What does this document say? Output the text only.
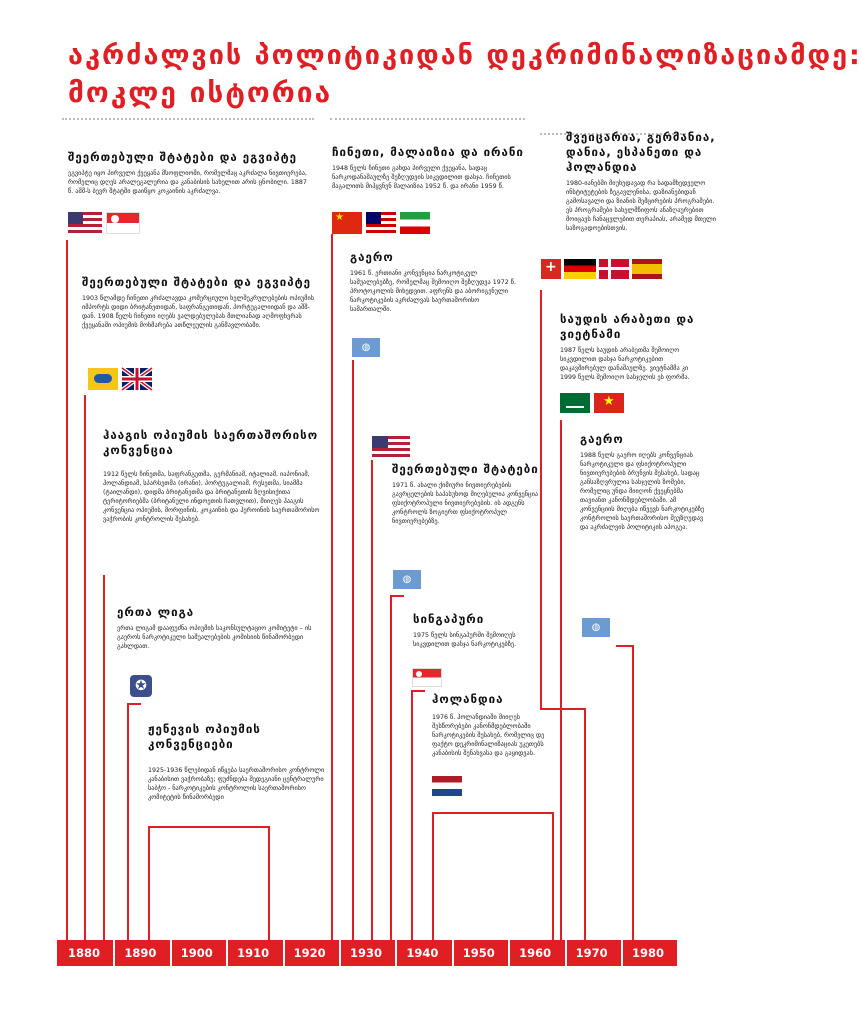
აკრძალვის პოლიტიკიდან დეკრიმინალიზაციამდე:
მოკლე ისტორია
შეერთებული შტატები და ეგვიპტე

ეგვიპტე იყო პირველი ქვეყანა მსოფლიოში, რომელმაც აკრძალა ნივთიერება, რომელიც დღეს არალეგალურია და კანაბისის სახელით არის ცნობილი. 1887 წ. აშშ-ს ბევრ შტატში დაიწყო კოკაინის აკრძალვა.

შეერთებული შტატები და ეგვიპტე

1903 წლამდე ჩინეთი კრძალავდა კომერციული ხელშეკრულებების ოპიუმის იმპორტს დიდი ბრიტანეთიდან, საფრანგეთიდან, პორტუგალიიდან და აშშ-დან. 1908 წელს ჩინეთი იღებს ვალდებულებას მთლიანად აღმოფხვრას ქვეყანაში ოპიუმის მოხმარება ათწლეულის განმავლობაში.

ჰააგის ოპიუმის საერთაშორისო კონვენცია

1912 წელს ჩინეთმა, საფრანგეთმა, გერმანიამ, იტალიამ, იაპონიამ, ჰოლანდიამ, სპარსეთმა (ირანი), პორტუგალიამ, რუსეთმა, სიამმა (ტაილანდი), დიდმა ბრიტანეთმა და ბრიტანეთის ზღვისიქითა ტერიტორიებმა (ბრიტანული ინდოეთის ჩათვლით), მიიღეს ჰააგის კონვენცია ოპიუმის, მორფინის, კოკაინის და ჰეროინის საერთაშორისო ვაჭრობის კონტროლის შესახებ.

ერთა ლიგა

ერთა ლიგამ დააფუძნა ოპიუმის საკონსულტაციო კომიტეტი – ის გაეროს ნარკოტიკული საშუალებების კომისიის წინამორბედი გახლდათ.

✪
ჟენევის ოპიუმის კონვენციები

1925-1936 წლებიდან იწყება საერთაშორისო კონტროლი კანაბისით ვაჭრობაზე; ფუძნდება შედეგიანი ცენტრალური საბჭო - ნარკოტიკების კონტროლის საერთაშორისო კომიტეტის წინამორბედი

ჩინეთი, მალაიზია და ირანი

1948 წელს ჩინეთი გახდა პირველი ქვეყანა, სადაც ნარკოდანაშაულზე შეზღუდვის სიკვდილით დასჯა. ჩინეთის მაგალითს მიჰყვნენ მალაიზია 1952 წ. და ირანი 1959 წ.

★
გაერო

1961 წ. ერთიანი კონვენცია ნარკოტიკულ საშუალებებზე, რომელმაც შემოიღო შეზღუდვა 1972 წ. პროტოკოლის მიხედვით. აფრენს და აბორიგენული ნარკოტიკების აკრძალვას საერთაშორისო სამართალში.

◍
შეერთებული შტატები

1971 წ. ახალი ქიმიური ნივთიერებების გავრცელების საპასუხოდ მიღებულია კონვენცია ფსიქოტროპული ნივთიერებების. ის ადგენს კონტროლს ზოგიერთ ფსიქოტროპულ ნივთიერებებზე.

◍
სინგაპური

1975 წელს სინგაპურში შემოიღეს სიკვდილით დასჯა ნარკოტიკებზე.

ჰოლანდია

1976 წ. ჰოლანდიაში მიიღეს შესწორებები კანონმდებლობაში ნარკოტიკების შესახებ, რომელიც დე ფაქტო დეკრიმინალიზაციას უკეთებს კანაბისის შენახვასა და გაყიდვას.

შვეიცარია, გერმანია, დანია, ესპანეთი და ჰოლანდია

1980-იანებში მიუხედავად რა სადამხედველო ინსტიტუტების ზეგავლენისა, დაზიანებიდან გამოსავალი და ზიანის შემცირების პროგრამები. ეს პროგრამები სახელმწიფოს ანაზღაურებით მოიცავს ჩანაცვლებით თერაპიას, არამედ მთელი საზოგადოებისთვის.

+
საუდის არაბეთი და ვიეტნამი

1987 წელს საუდის არაბეთმა შემოიღო სიკვდილით დასჯა ნარკოტიკებით დაკავშირებულ დანაშაულზე. ვიეტნამმა კი 1999 წელს შემოიღო სასჯელის ეს ფორმა.

★
გაერო

1988 წელს გაერო იღებს კონვენციას ნარკოტიკული და ფსიქოტროპული ნივთიერებების ბრუნვის შესახებ, სადაც განსაზღვრულია სასჯელის ზომები, რომელიც უნდა მიიღონ ქვეყნებმა თავიანთ კანონმდებლობაში. ამ კონვენციის მიღება იწვევს ნარკოტიკებზე კონტროლის საერთაშორისო შეუზღუდავ და აკრძალვის პოლიტიკის აპოგეა.

◍
1880	1890	1900	1910	1920	1930	1940	1950	1960	1970	1980
